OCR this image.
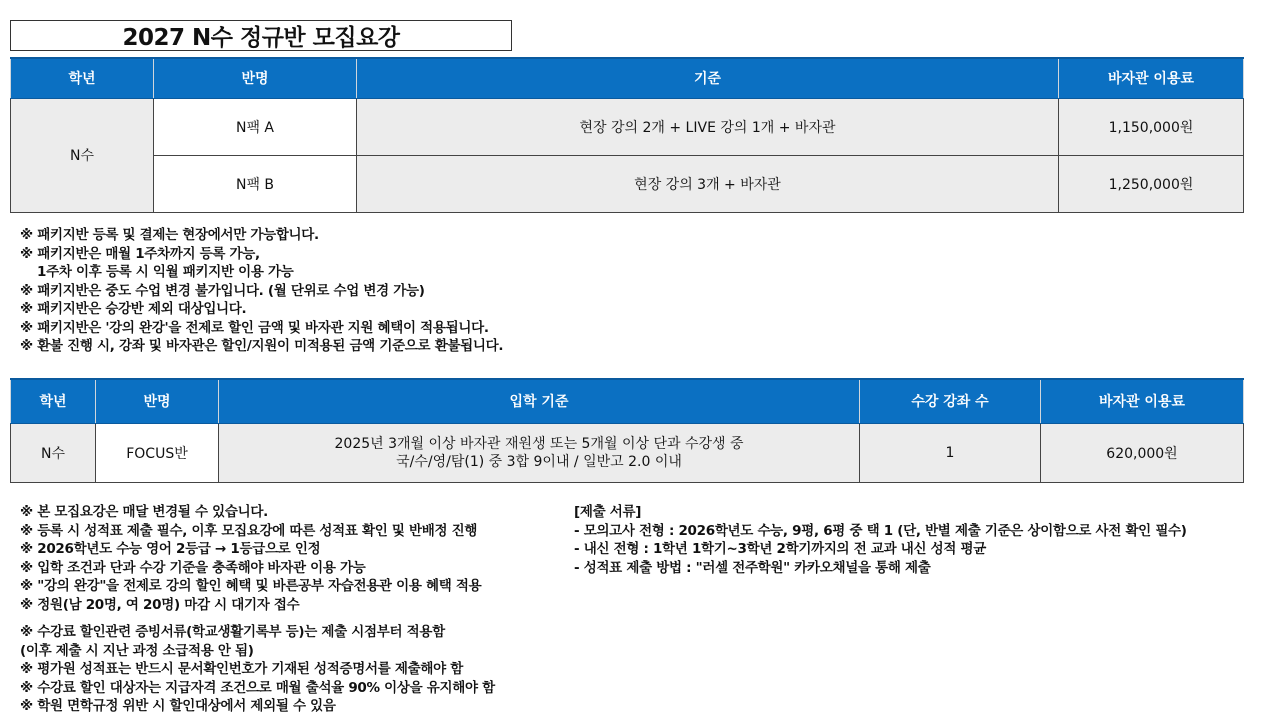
2027 N수 정규반 모집요강
학년	반명	기준	바자관 이용료
N수	N팩 A	현장 강의 2개 + LIVE 강의 1개 + 바자관	1,150,000원
	N팩 B	현장 강의 3개 + 바자관	1,250,000원
※ 패키지반 등록 및 결제는 현장에서만 가능합니다.
※ 패키지반은 매월 1주차까지 등록 가능,
1주차 이후 등록 시 익월 패키지반 이용 가능
※ 패키지반은 중도 수업 변경 불가입니다. (월 단위로 수업 변경 가능)
※ 패키지반은 승강반 제외 대상입니다.
※ 패키지반은 '강의 완강'을 전제로 할인 금액 및 바자관 지원 혜택이 적용됩니다.
※ 환불 진행 시, 강좌 및 바자관은 할인/지원이 미적용된 금액 기준으로 환불됩니다.
학년	반명	입학 기준	수강 강좌 수	바자관 이용료
N수	FOCUS반	2025년 3개월 이상 바자관 재원생 또는 5개월 이상 단과 수강생 중
국/수/영/탐(1) 중 3합 9이내 / 일반고 2.0 이내	1	620,000원
※ 본 모집요강은 매달 변경될 수 있습니다.
※ 등록 시 성적표 제출 필수, 이후 모집요강에 따른 성적표 확인 및 반배정 진행
※ 2026학년도 수능 영어 2등급 → 1등급으로 인정
※ 입학 조건과 단과 수강 기준을 충족해야 바자관 이용 가능
※ "강의 완강"을 전제로 강의 할인 혜택 및 바른공부 자습전용관 이용 혜택 적용
※ 정원(남 20명, 여 20명) 마감 시 대기자 접수
※ 수강료 할인관련 증빙서류(학교생활기록부 등)는 제출 시점부터 적용함
(이후 제출 시 지난 과정 소급적용 안 됨)
※ 평가원 성적표는 반드시 문서확인번호가 기재된 성적증명서를 제출해야 함
※ 수강료 할인 대상자는 지급자격 조건으로 매월 출석율 90% 이상을 유지해야 함
※ 학원 면학규정 위반 시 할인대상에서 제외될 수 있음
[제출 서류]
- 모의고사 전형 : 2026학년도 수능, 9평, 6평 중 택 1 (단, 반별 제출 기준은 상이함으로 사전 확인 필수)
- 내신 전형 : 1학년 1학기~3학년 2학기까지의 전 교과 내신 성적 평균
- 성적표 제출 방법 : "러셀 전주학원" 카카오채널을 통해 제출
